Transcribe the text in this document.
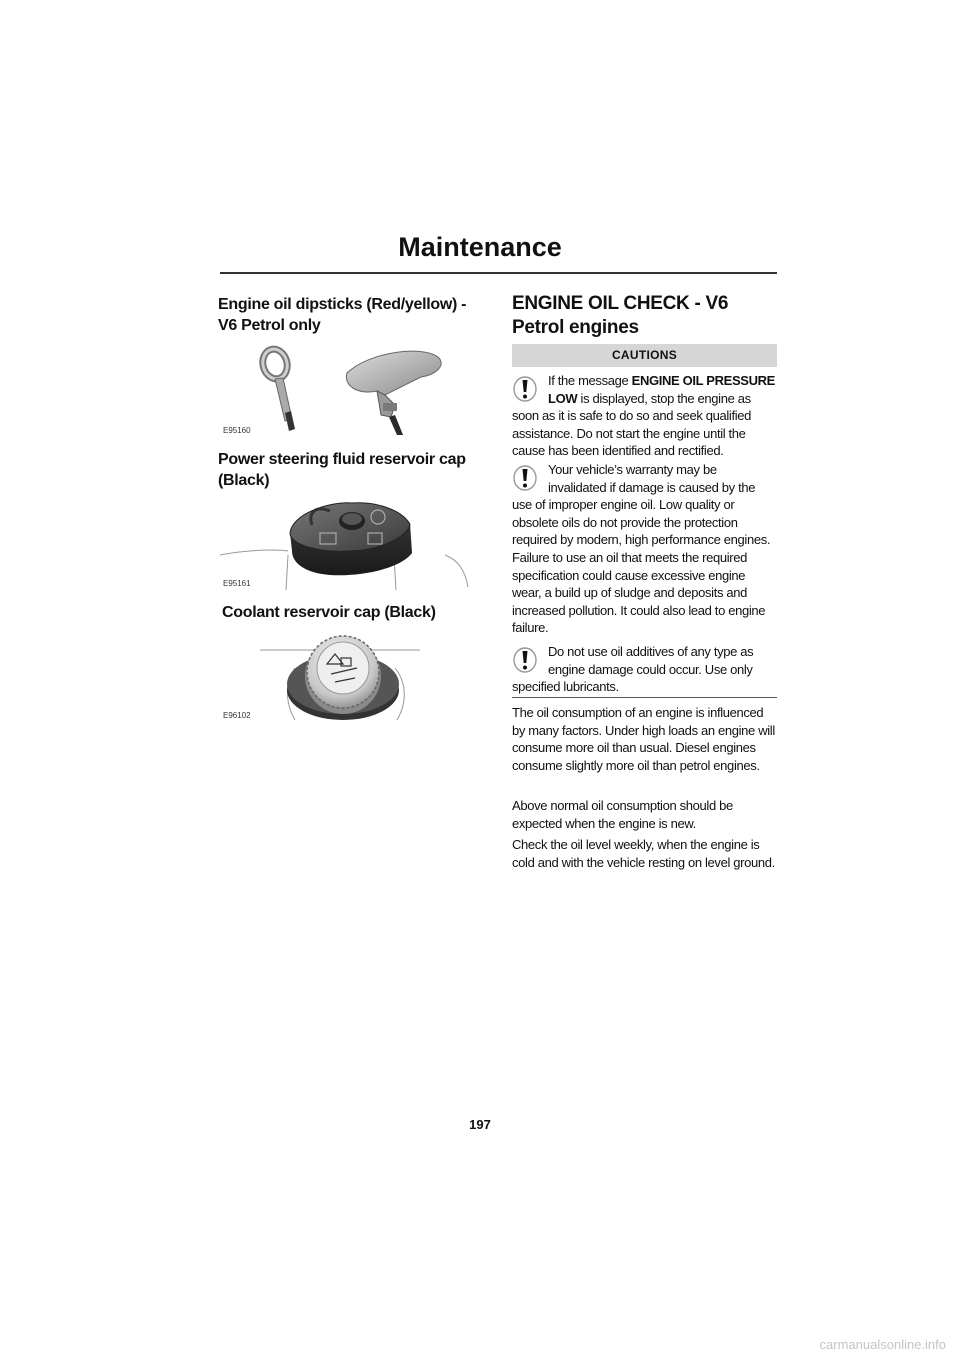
Maintenance
Engine oil dipsticks (Red/yellow) - V6 Petrol only
E95160
Power steering fluid reservoir cap (Black)
E95161
Coolant reservoir cap (Black)
E96102
ENGINE OIL CHECK - V6 Petrol engines
CAUTIONS
If the message ENGINE OIL PRESSURE LOW is displayed, stop the engine as soon as it is safe to do so and seek qualified assistance. Do not start the engine until the cause has been identified and rectified.
Your vehicle’s warranty may be invalidated if damage is caused by the use of improper engine oil. Low quality or obsolete oils do not provide the protection required by modern, high performance engines. Failure to use an oil that meets the required specification could cause excessive engine wear, a build up of sludge and deposits and increased pollution. It could also lead to engine failure.
Do not use oil additives of any type as engine damage could occur. Use only specified lubricants.
The oil consumption of an engine is influenced by many factors. Under high loads an engine will consume more oil than usual. Diesel engines consume slightly more oil than petrol engines.
Above normal oil consumption should be expected when the engine is new.
Check the oil level weekly, when the engine is cold and with the vehicle resting on level ground.
197
carmanualsonline.info
